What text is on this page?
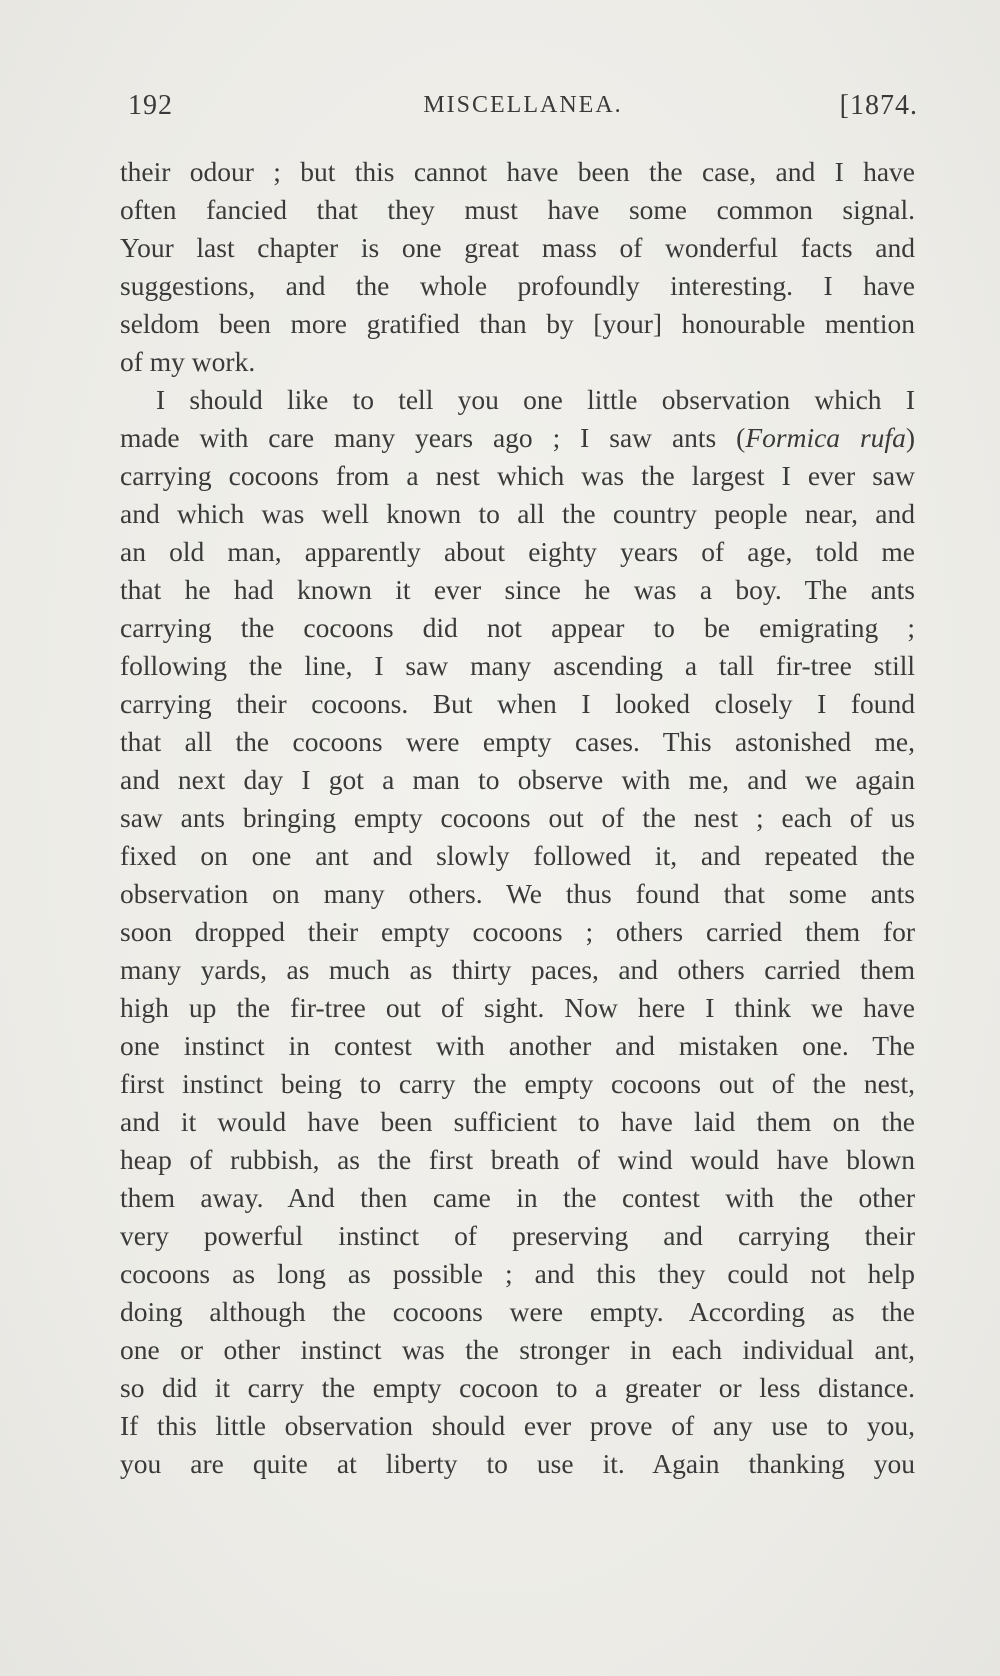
192	MISCELLANEA.	[1874.
their odour ; but this cannot have been the case, and I have
often fancied that they must have some common signal.
Your last chapter is one great mass of wonderful facts and
suggestions, and the whole profoundly interesting. I have
seldom been more gratified than by [your] honourable mention
of my work.
I should like to tell you one little observation which I
made with care many years ago ; I saw ants (Formica rufa)
carrying cocoons from a nest which was the largest I ever saw
and which was well known to all the country people near, and
an old man, apparently about eighty years of age, told me
that he had known it ever since he was a boy. The ants
carrying the cocoons did not appear to be emigrating ;
following the line, I saw many ascending a tall fir-tree still
carrying their cocoons. But when I looked closely I found
that all the cocoons were empty cases. This astonished me,
and next day I got a man to observe with me, and we again
saw ants bringing empty cocoons out of the nest ; each of us
fixed on one ant and slowly followed it, and repeated the
observation on many others. We thus found that some ants
soon dropped their empty cocoons ; others carried them for
many yards, as much as thirty paces, and others carried them
high up the fir-tree out of sight. Now here I think we have
one instinct in contest with another and mistaken one. The
first instinct being to carry the empty cocoons out of the nest,
and it would have been sufficient to have laid them on the
heap of rubbish, as the first breath of wind would have blown
them away. And then came in the contest with the other
very powerful instinct of preserving and carrying their
cocoons as long as possible ; and this they could not help
doing although the cocoons were empty. According as the
one or other instinct was the stronger in each individual ant,
so did it carry the empty cocoon to a greater or less distance.
If this little observation should ever prove of any use to you,
you are quite at liberty to use it. Again thanking you
